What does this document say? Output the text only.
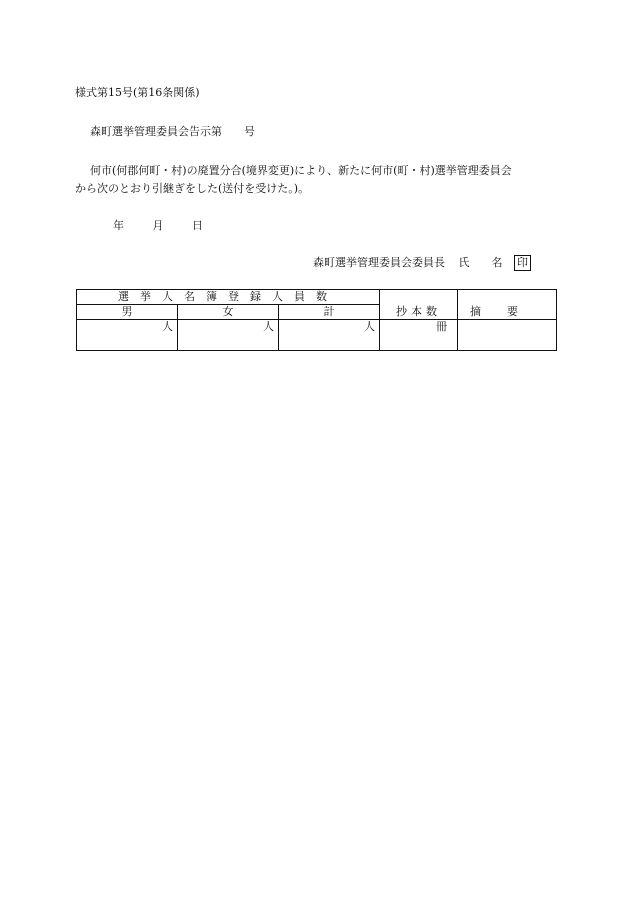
様式第15号(第16条関係)
森町選挙管理委員会告示第　　号
何市(何郡何町・村)の廃置分合(境界変更)により、新たに何市(町・村)選挙管理委員会
から次のとおり引継ぎをした(送付を受けた。)。
年	月	日
森町選挙管理委員会委員長 氏　　名 印
選挙人名簿登録人員数			抄本数	摘要
男	女	計		
人	人	人	冊	
